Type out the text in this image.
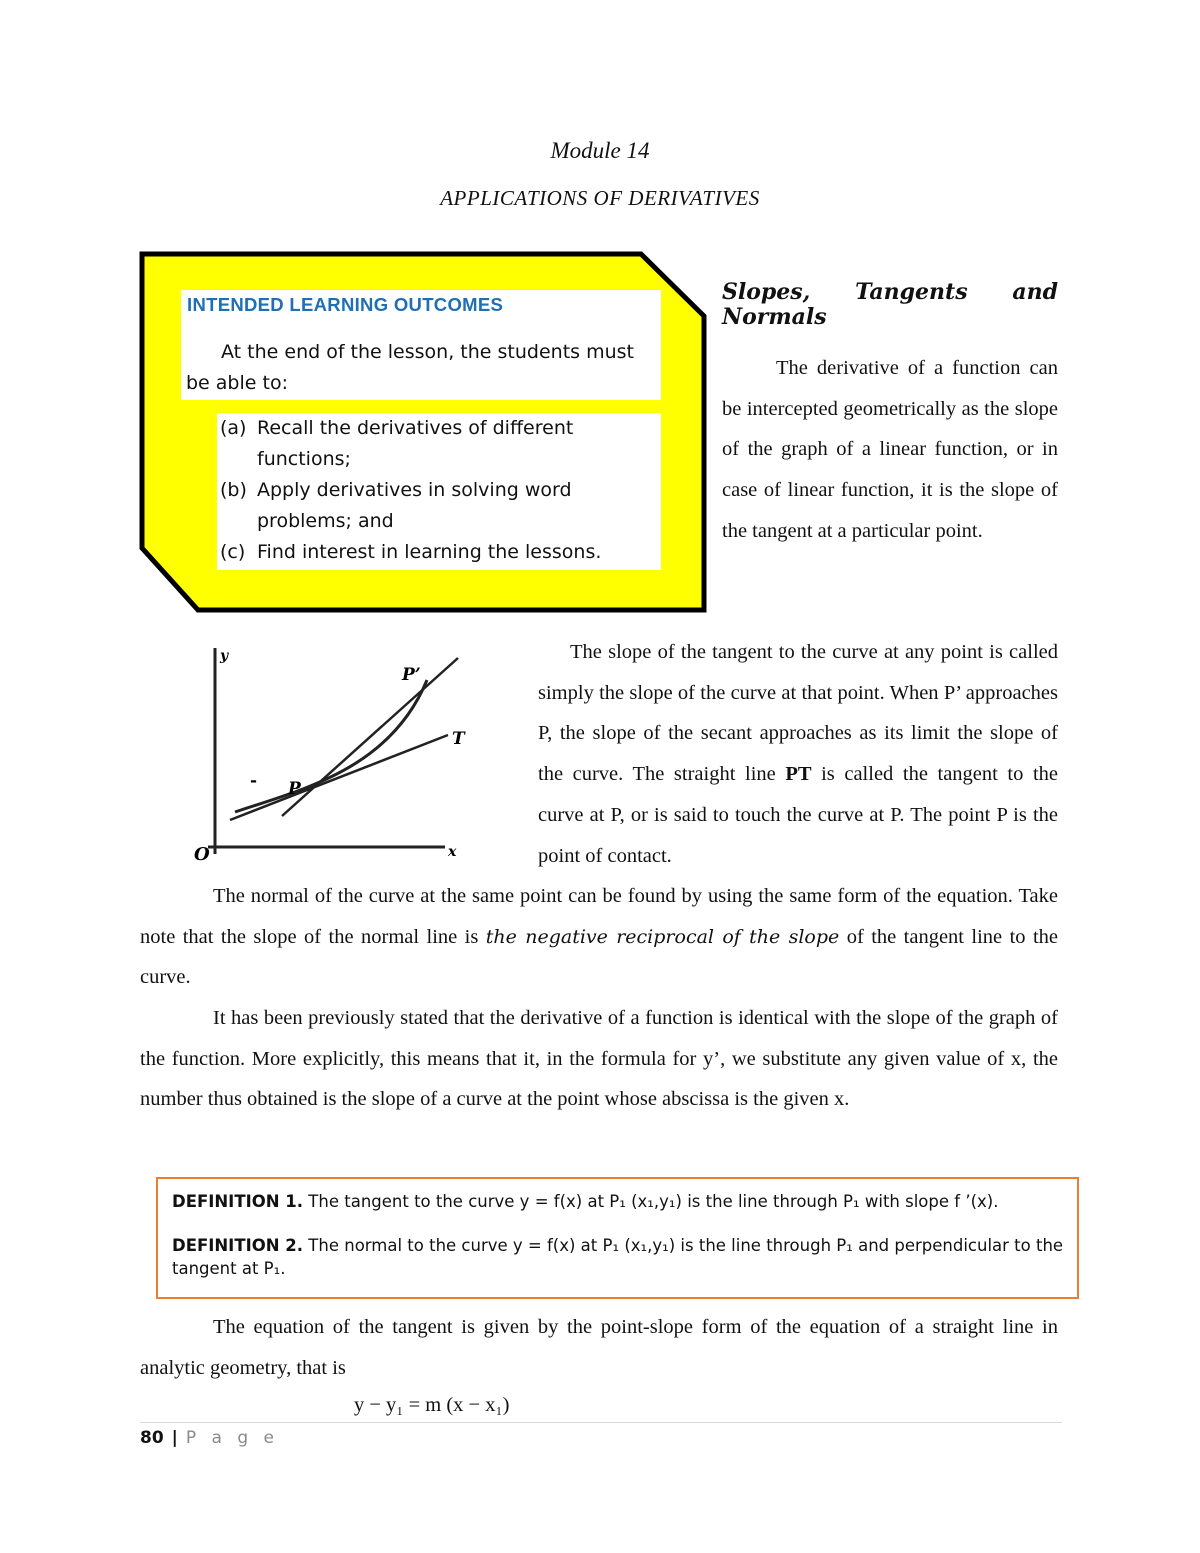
Module 14
APPLICATIONS OF DERIVATIVES
INTENDED LEARNING OUTCOMES
At the end of the lesson, the students must be able to:
(a) Recall the derivatives of different functions;
(b) Apply derivatives in solving word problems; and
(c) Find interest in learning the lessons.
Slopes, Tangents and
Normals
The derivative of a function can be intercepted geometrically as the slope of the graph of a linear function, or in case of linear function, it is the slope of the tangent at a particular point.
y
x
O
P
P’
T
-
The slope of the tangent to the curve at any point is called simply the slope of the curve at that point. When P’ approaches P, the slope of the secant approaches as its limit the slope of the curve. The straight line PT is called the tangent to the curve at P, or is said to touch the curve at P. The point P is the point of contact.
The normal of the curve at the same point can be found by using the same form of the equation. Take note that the slope of the normal line is the negative reciprocal of the slope of the tangent line to the curve.
It has been previously stated that the derivative of a function is identical with the slope of the graph of the function. More explicitly, this means that it, in the formula for y’, we substitute any given value of x, the number thus obtained is the slope of a curve at the point whose abscissa is the given x.
DEFINITION 1. The tangent to the curve y = f(x) at P₁ (x₁,y₁) is the line through P₁ with slope f ’(x).
DEFINITION 2. The normal to the curve y = f(x) at P₁ (x₁,y₁) is the line through P₁ and perpendicular to the tangent at P₁.
The equation of the tangent is given by the point-slope form of the equation of a straight line in analytic geometry, that is
y − y₁ = m (x − x₁)
80 | P a g e
